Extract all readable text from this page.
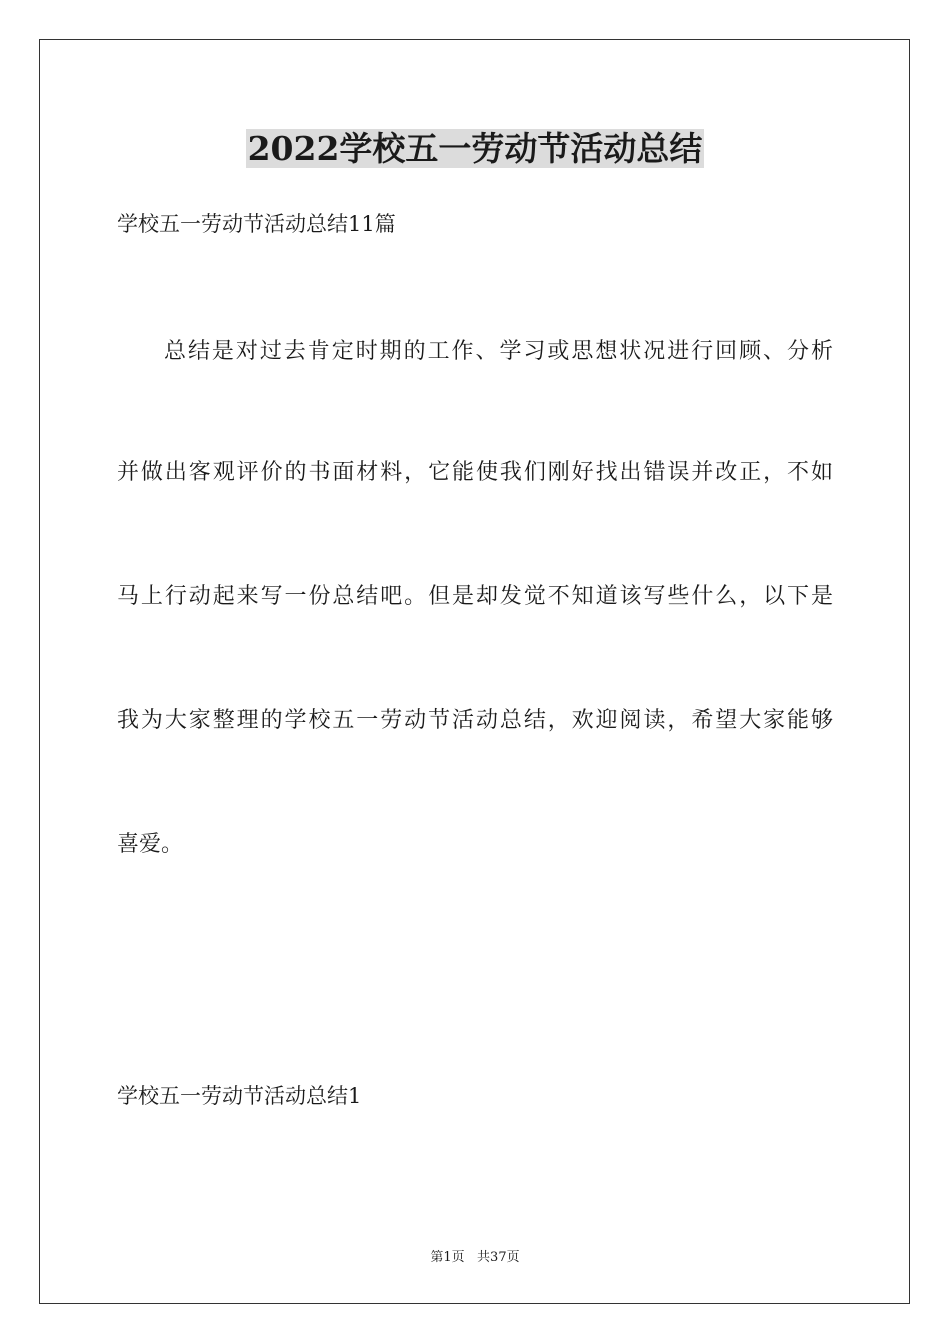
2022学校五一劳动节活动总结
学校五一劳动节活动总结11篇
总结是对过去肯定时期的工作、学习或思想状况进行回顾、分析
并做出客观评价的书面材料，它能使我们刚好找出错误并改正，不如
马上行动起来写一份总结吧。但是却发觉不知道该写些什么，以下是
我为大家整理的学校五一劳动节活动总结，欢迎阅读，希望大家能够
喜爱。
学校五一劳动节活动总结1
第1页   共37页
